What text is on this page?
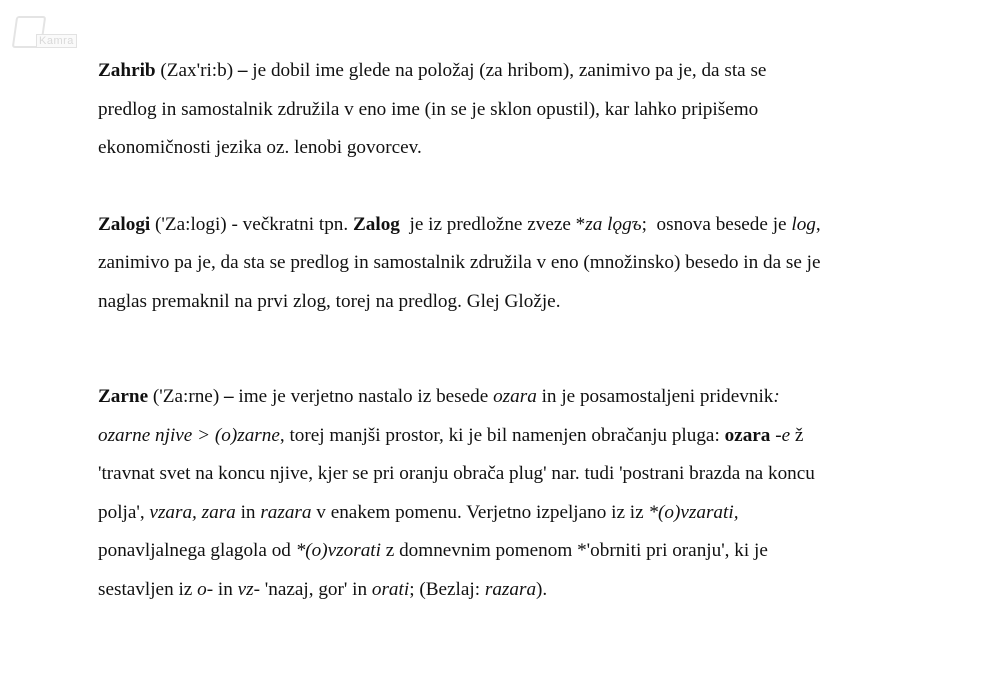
Kamra
Zahrib (Zax'ri:b) – je dobil ime glede na položaj (za hribom), zanimivo pa je, da sta se
predlog in samostalnik združila v eno ime (in se je sklon opustil), kar lahko pripišemo
ekonomičnosti jezika oz. lenobi govorcev.
Zalogi ('Za:logi) - večkratni tpn. Zalog  je iz predložne zveze *za lǫgъ;  osnova besede je log,
zanimivo pa je, da sta se predlog in samostalnik združila v eno (množinsko) besedo in da se je
naglas premaknil na prvi zlog, torej na predlog. Glej Gložje.
Zarne ('Za:rne) – ime je verjetno nastalo iz besede ozara in je posamostaljeni pridevnik:
ozarne njive > (o)zarne, torej manjši prostor, ki je bil namenjen obračanju pluga: ozara -e ž
'travnat svet na koncu njive, kjer se pri oranju obrača plug' nar. tudi 'postrani brazda na koncu
polja', vzara, zara in razara v enakem pomenu. Verjetno izpeljano iz iz *(o)vzarati,
ponavljalnega glagola od *(o)vzorati z domnevnim pomenom *'obrniti pri oranju', ki je
sestavljen iz o- in vz- 'nazaj, gor' in orati; (Bezlaj: razara).
